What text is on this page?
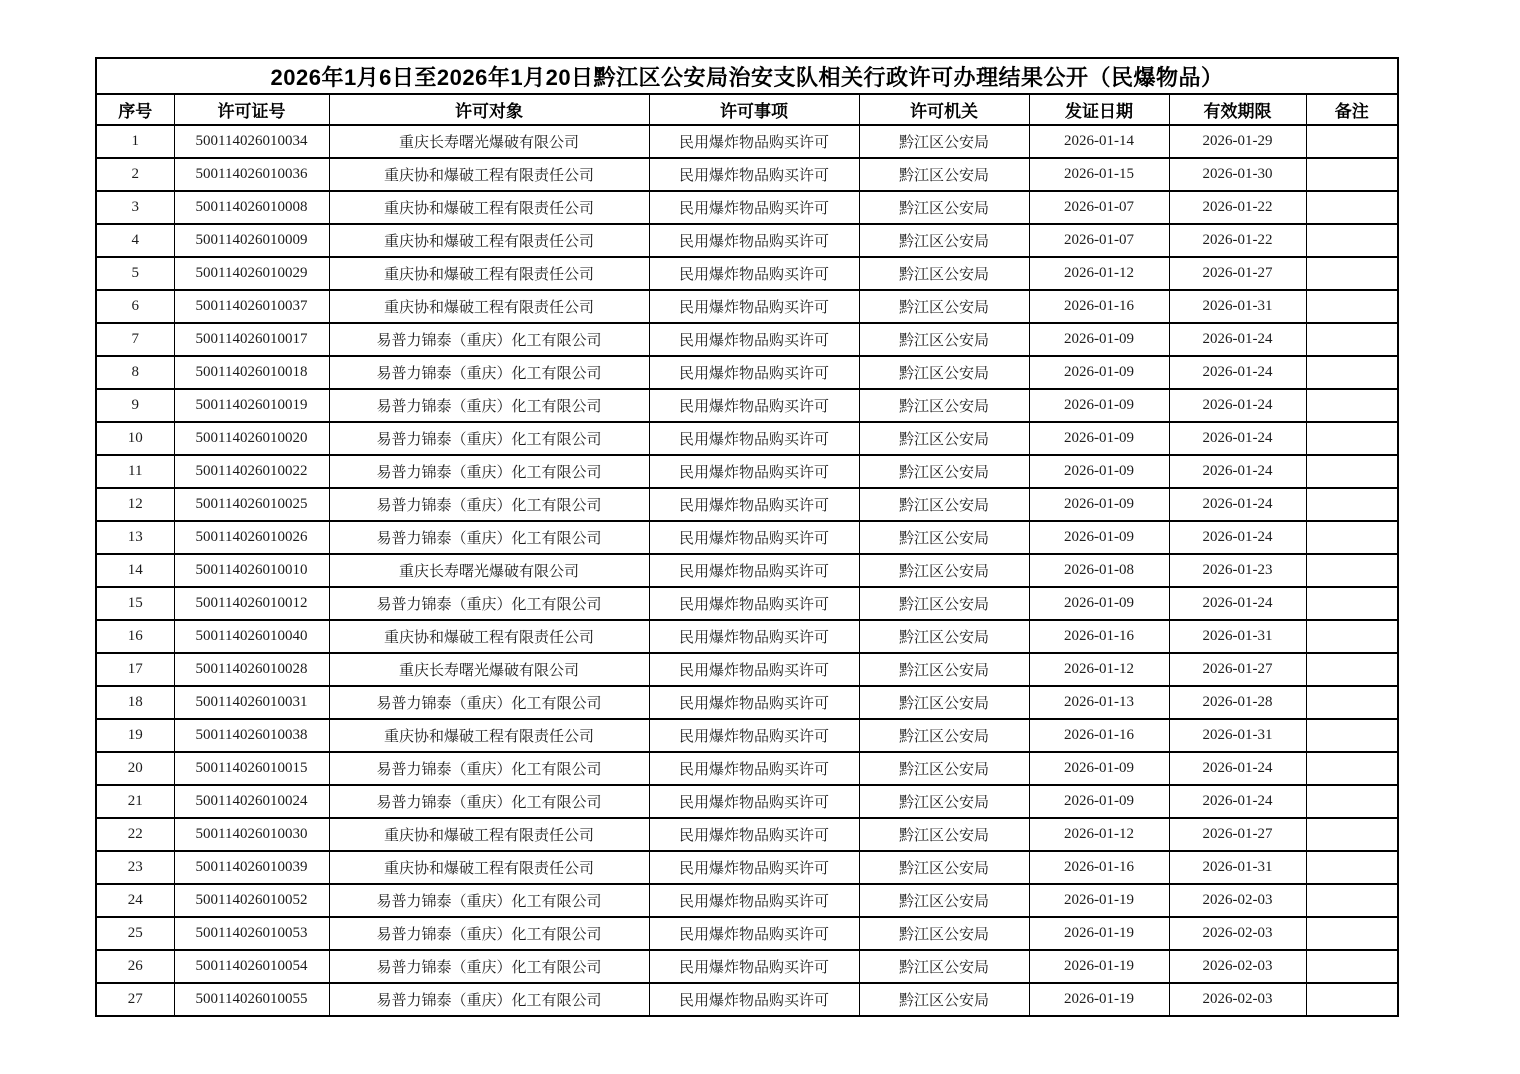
2026年1月6日至2026年1月20日黔江区公安局治安支队相关行政许可办理结果公开（民爆物品）							
序号	许可证号	许可对象	许可事项	许可机关	发证日期	有效期限	备注
1	500114026010034	重庆长寿曙光爆破有限公司	民用爆炸物品购买许可	黔江区公安局	2026-01-14	2026-01-29	
2	500114026010036	重庆协和爆破工程有限责任公司	民用爆炸物品购买许可	黔江区公安局	2026-01-15	2026-01-30	
3	500114026010008	重庆协和爆破工程有限责任公司	民用爆炸物品购买许可	黔江区公安局	2026-01-07	2026-01-22	
4	500114026010009	重庆协和爆破工程有限责任公司	民用爆炸物品购买许可	黔江区公安局	2026-01-07	2026-01-22	
5	500114026010029	重庆协和爆破工程有限责任公司	民用爆炸物品购买许可	黔江区公安局	2026-01-12	2026-01-27	
6	500114026010037	重庆协和爆破工程有限责任公司	民用爆炸物品购买许可	黔江区公安局	2026-01-16	2026-01-31	
7	500114026010017	易普力锦泰（重庆）化工有限公司	民用爆炸物品购买许可	黔江区公安局	2026-01-09	2026-01-24	
8	500114026010018	易普力锦泰（重庆）化工有限公司	民用爆炸物品购买许可	黔江区公安局	2026-01-09	2026-01-24	
9	500114026010019	易普力锦泰（重庆）化工有限公司	民用爆炸物品购买许可	黔江区公安局	2026-01-09	2026-01-24	
10	500114026010020	易普力锦泰（重庆）化工有限公司	民用爆炸物品购买许可	黔江区公安局	2026-01-09	2026-01-24	
11	500114026010022	易普力锦泰（重庆）化工有限公司	民用爆炸物品购买许可	黔江区公安局	2026-01-09	2026-01-24	
12	500114026010025	易普力锦泰（重庆）化工有限公司	民用爆炸物品购买许可	黔江区公安局	2026-01-09	2026-01-24	
13	500114026010026	易普力锦泰（重庆）化工有限公司	民用爆炸物品购买许可	黔江区公安局	2026-01-09	2026-01-24	
14	500114026010010	重庆长寿曙光爆破有限公司	民用爆炸物品购买许可	黔江区公安局	2026-01-08	2026-01-23	
15	500114026010012	易普力锦泰（重庆）化工有限公司	民用爆炸物品购买许可	黔江区公安局	2026-01-09	2026-01-24	
16	500114026010040	重庆协和爆破工程有限责任公司	民用爆炸物品购买许可	黔江区公安局	2026-01-16	2026-01-31	
17	500114026010028	重庆长寿曙光爆破有限公司	民用爆炸物品购买许可	黔江区公安局	2026-01-12	2026-01-27	
18	500114026010031	易普力锦泰（重庆）化工有限公司	民用爆炸物品购买许可	黔江区公安局	2026-01-13	2026-01-28	
19	500114026010038	重庆协和爆破工程有限责任公司	民用爆炸物品购买许可	黔江区公安局	2026-01-16	2026-01-31	
20	500114026010015	易普力锦泰（重庆）化工有限公司	民用爆炸物品购买许可	黔江区公安局	2026-01-09	2026-01-24	
21	500114026010024	易普力锦泰（重庆）化工有限公司	民用爆炸物品购买许可	黔江区公安局	2026-01-09	2026-01-24	
22	500114026010030	重庆协和爆破工程有限责任公司	民用爆炸物品购买许可	黔江区公安局	2026-01-12	2026-01-27	
23	500114026010039	重庆协和爆破工程有限责任公司	民用爆炸物品购买许可	黔江区公安局	2026-01-16	2026-01-31	
24	500114026010052	易普力锦泰（重庆）化工有限公司	民用爆炸物品购买许可	黔江区公安局	2026-01-19	2026-02-03	
25	500114026010053	易普力锦泰（重庆）化工有限公司	民用爆炸物品购买许可	黔江区公安局	2026-01-19	2026-02-03	
26	500114026010054	易普力锦泰（重庆）化工有限公司	民用爆炸物品购买许可	黔江区公安局	2026-01-19	2026-02-03	
27	500114026010055	易普力锦泰（重庆）化工有限公司	民用爆炸物品购买许可	黔江区公安局	2026-01-19	2026-02-03	
